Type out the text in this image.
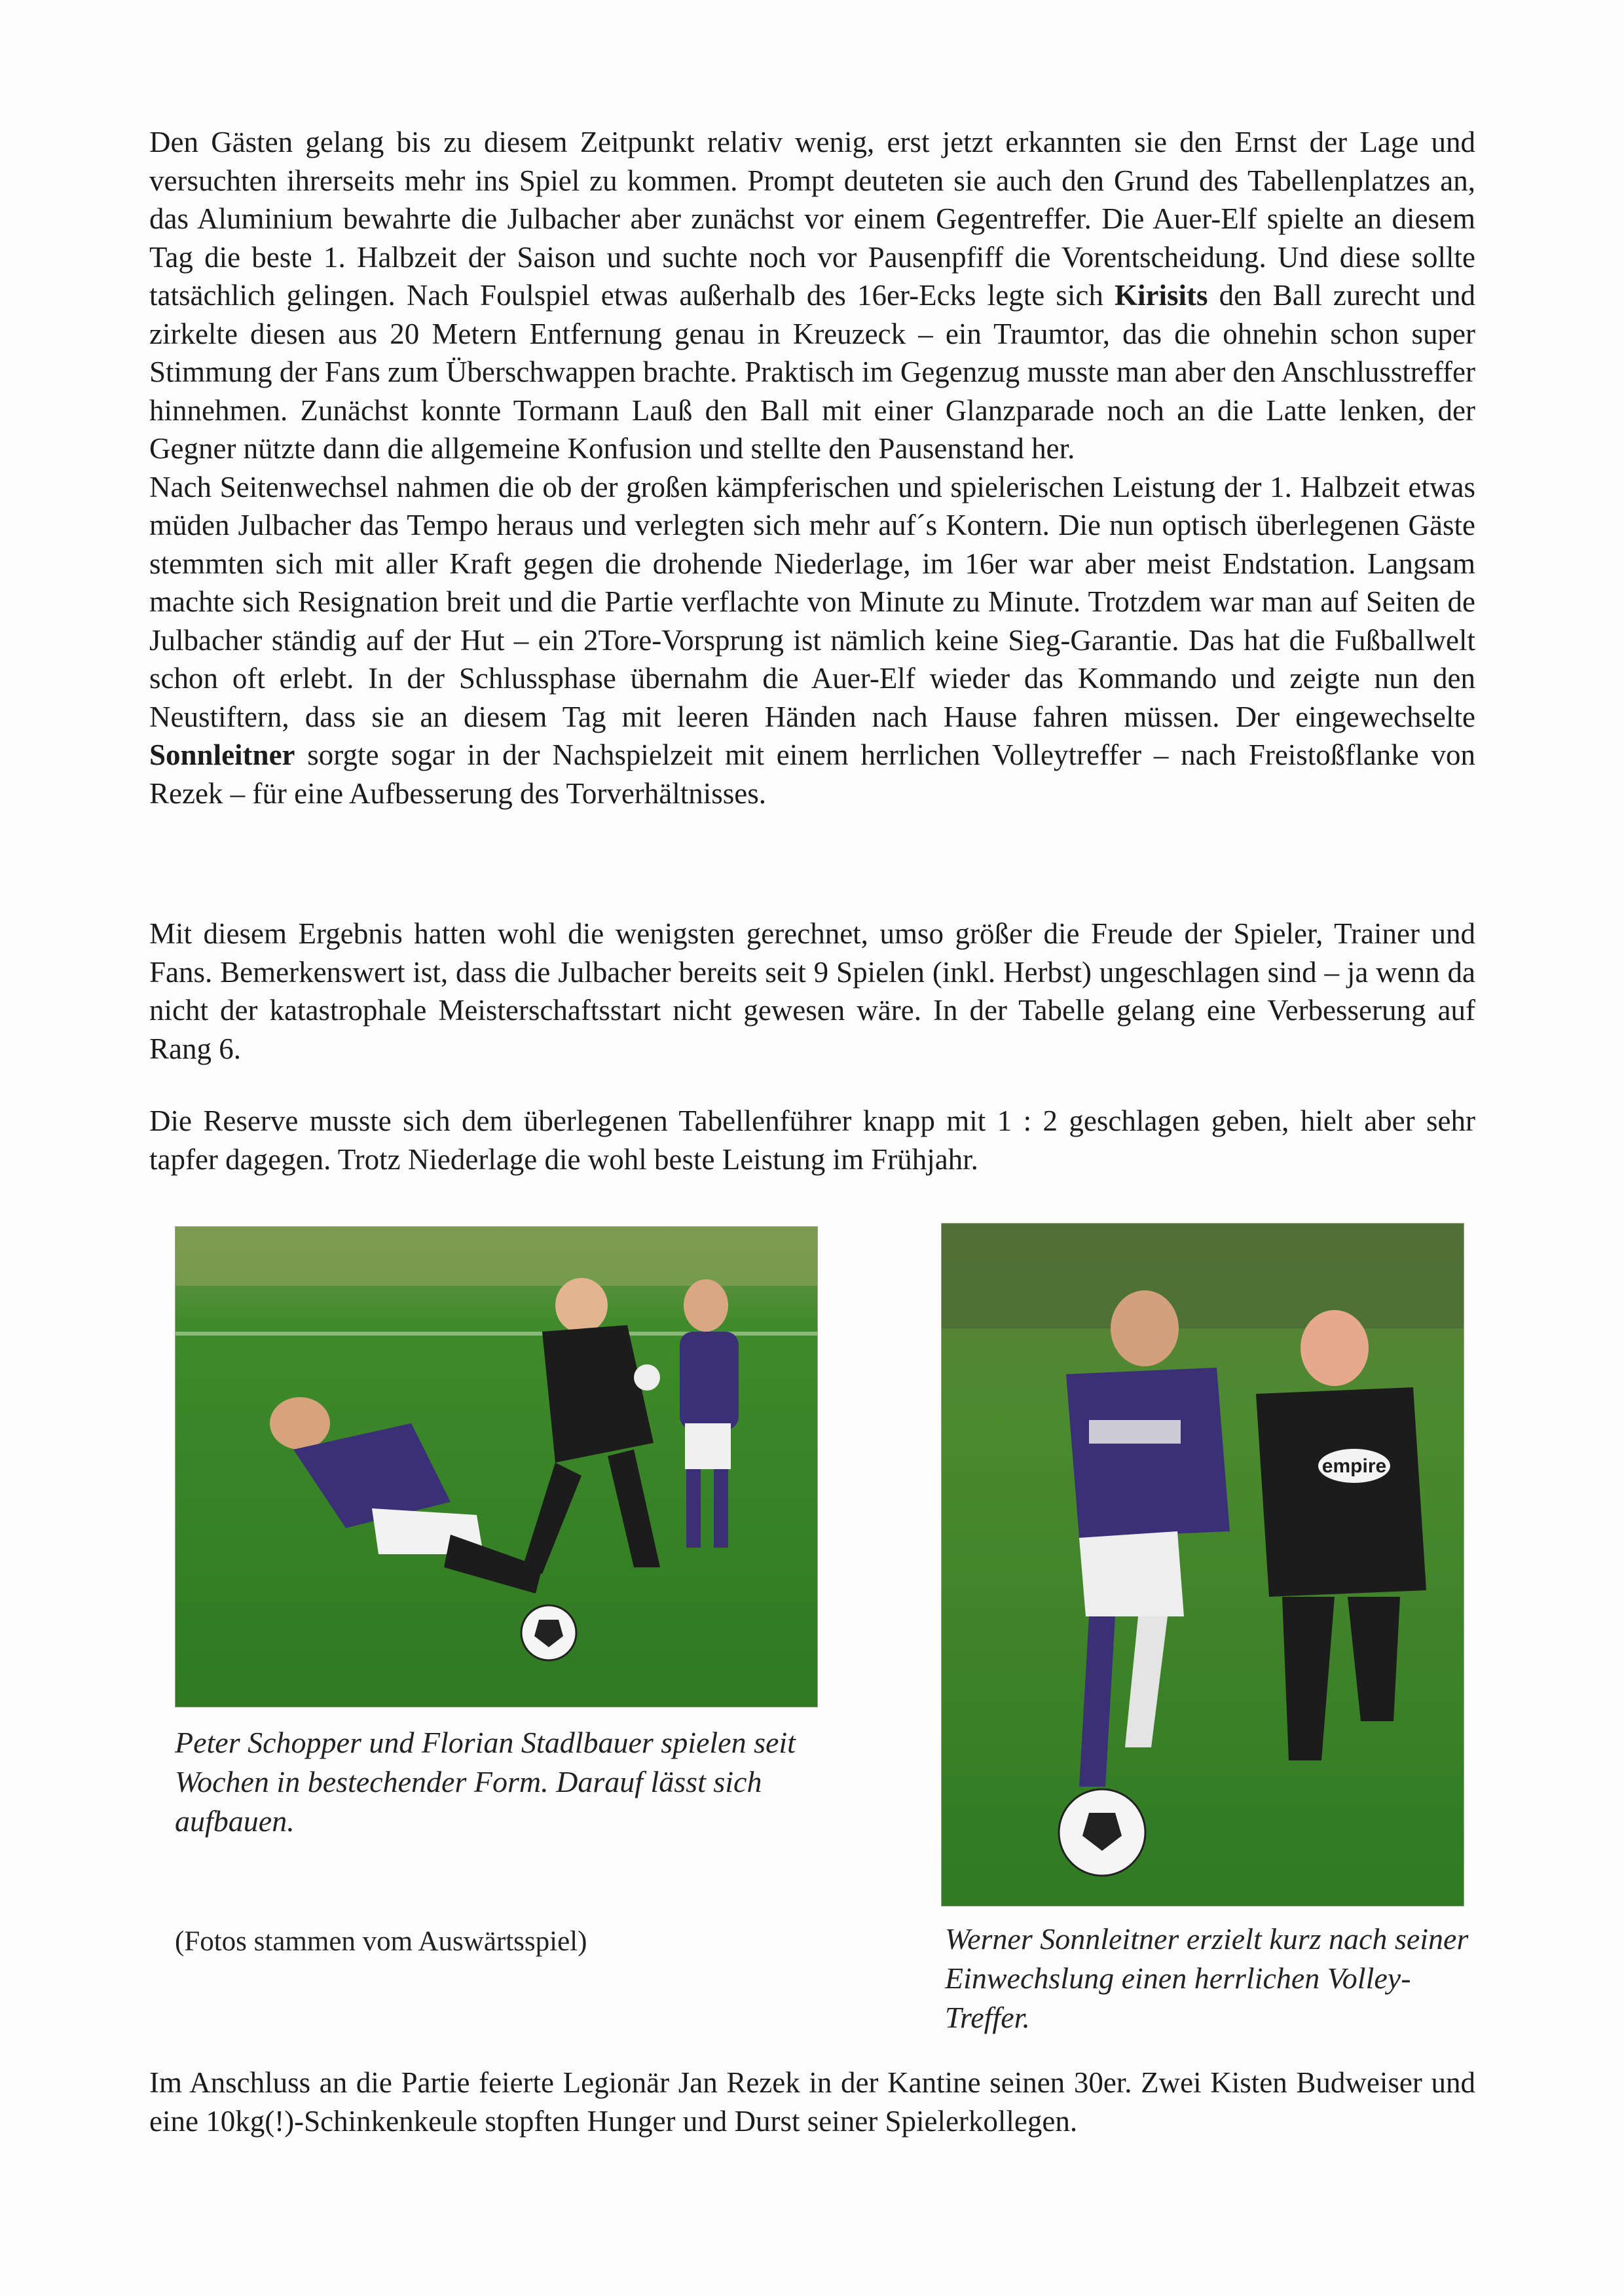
Den Gästen gelang bis zu diesem Zeitpunkt relativ wenig, erst jetzt erkannten sie den Ernst der Lage und versuchten ihrerseits mehr ins Spiel zu kommen. Prompt deuteten sie auch den Grund des Tabellenplatzes an, das Aluminium bewahrte die Julbacher aber zunächst vor einem Gegentreffer. Die Auer-Elf spielte an diesem Tag die beste 1. Halbzeit der Saison und suchte noch vor Pausenpfiff die Vorentscheidung. Und diese sollte tatsächlich gelingen. Nach Foulspiel etwas außerhalb des 16er-Ecks legte sich Kirisits den Ball zurecht und zirkelte diesen aus 20 Metern Entfernung genau in Kreuzeck – ein Traumtor, das die ohnehin schon super Stimmung der Fans zum Überschwappen brachte. Praktisch im Gegenzug musste man aber den Anschlusstreffer hinnehmen. Zunächst konnte Tormann Lauß den Ball mit einer Glanzparade noch an die Latte lenken, der Gegner nützte dann die allgemeine Konfusion und stellte den Pausenstand her.

Nach Seitenwechsel nahmen die ob der großen kämpferischen und spielerischen Leistung der 1. Halbzeit etwas müden Julbacher das Tempo heraus und verlegten sich mehr auf´s Kontern. Die nun optisch überlegenen Gäste stemmten sich mit aller Kraft gegen die drohende Niederlage, im 16er war aber meist Endstation. Langsam machte sich Resignation breit und die Partie verflachte von Minute zu Minute. Trotzdem war man auf Seiten de Julbacher ständig auf der Hut – ein 2Tore-Vorsprung ist nämlich keine Sieg-Garantie. Das hat die Fußballwelt schon oft erlebt. In der Schlussphase übernahm die Auer-Elf wieder das Kommando und zeigte nun den Neustiftern, dass sie an diesem Tag mit leeren Händen nach Hause fahren müssen. Der eingewechselte Sonnleitner sorgte sogar in der Nachspielzeit mit einem herrlichen Volleytreffer – nach Freistoßflanke von Rezek – für eine Aufbesserung des Torverhältnisses.

Mit diesem Ergebnis hatten wohl die wenigsten gerechnet, umso größer die Freude der Spieler, Trainer und Fans. Bemerkenswert ist, dass die Julbacher bereits seit 9 Spielen (inkl. Herbst) ungeschlagen sind – ja wenn da nicht der katastrophale Meisterschaftsstart nicht gewesen wäre. In der Tabelle gelang eine Verbesserung auf Rang 6.

Die Reserve musste sich dem überlegenen Tabellenführer knapp mit 1 : 2 geschlagen geben, hielt aber sehr tapfer dagegen. Trotz Niederlage die wohl beste Leistung im Frühjahr.

empire
Peter Schopper und Florian Stadlbauer spielen seit Wochen in bestechender Form. Darauf lässt sich aufbauen.
(Fotos stammen vom Auswärtsspiel)	Werner Sonnleitner erzielt kurz nach seiner Einwechslung einen herrlichen Volley-Treffer.

Im Anschluss an die Partie feierte Legionär Jan Rezek in der Kantine seinen 30er. Zwei Kisten Budweiser und eine 10kg(!)-Schinkenkeule stopften Hunger und Durst seiner Spielerkollegen.
